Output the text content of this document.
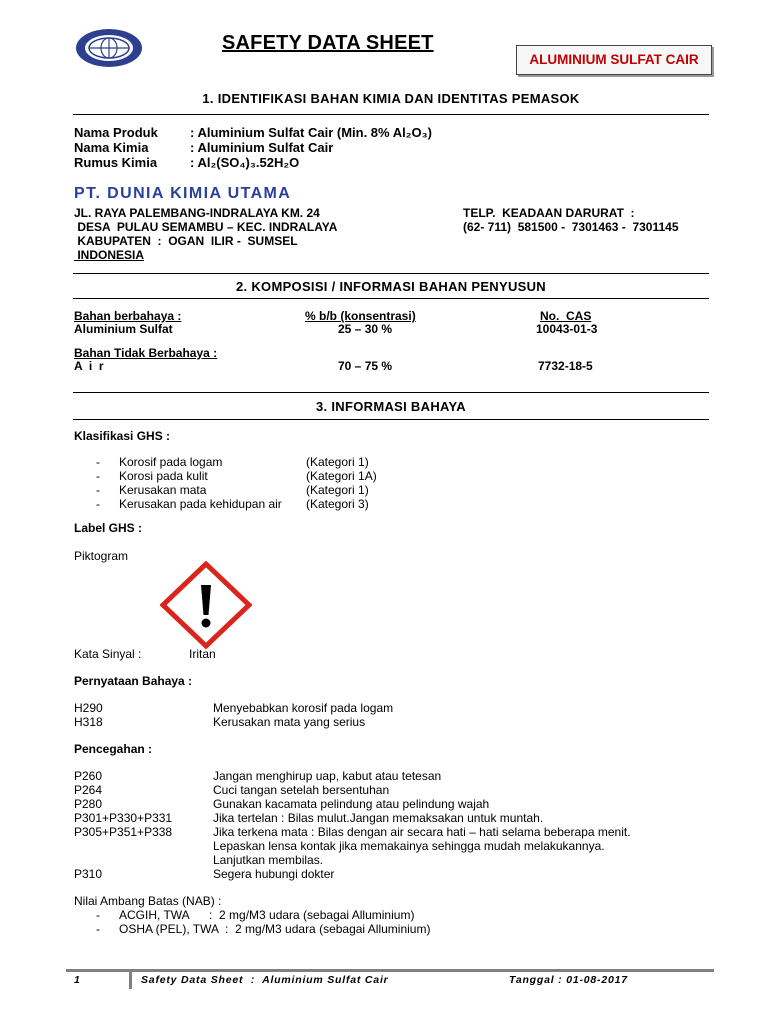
SAFETY DATA SHEET
ALUMINIUM SULFAT CAIR
1. IDENTIFIKASI BAHAN KIMIA DAN IDENTITAS PEMASOK
Nama Produk : Aluminium Sulfat Cair (Min. 8% Al₂O₃)
Nama Kimia	: Aluminium Sulfat Cair
Rumus Kimia	: Al₂(SO₄)₃.52H₂O
PT. DUNIA KIMIA UTAMA
JL. RAYA PALEMBANG-INDRALAYA KM. 24
DESA  PULAU SEMAMBU – KEC. INDRALAYA
KABUPATEN  :  OGAN  ILIR -  SUMSEL
INDONESIA
TELP.  KEADAAN DARURAT  :
(62- 711)  581500 -  7301463 -  7301145
2. KOMPOSISI / INFORMASI BAHAN PENYUSUN
Bahan berbahaya :	% b/b (konsentrasi)	No.  CAS
Aluminium Sulfat	25 – 30 %	10043-01-3
Bahan Tidak Berbahaya :
A  i  r	70 – 75 %	7732-18-5
3. INFORMASI BAHAYA
Klasifikasi GHS :
- Korosif pada logam	(Kategori 1)
- Korosi pada kulit	(Kategori 1A)
- Kerusakan mata	(Kategori 1)
- Kerusakan pada kehidupan air (Kategori 3)
Label GHS :
Piktogram
Kata Sinyal :	Iritan
Pernyataan Bahaya :
H290	Menyebabkan korosif pada logam
H318	Kerusakan mata yang serius
Pencegahan :
P260	Jangan menghirup uap, kabut atau tetesan
P264	Cuci tangan setelah bersentuhan
P280	Gunakan kacamata pelindung atau pelindung wajah
P301+P330+P331	Jika tertelan : Bilas mulut.Jangan memaksakan untuk muntah.
P305+P351+P338	Jika terkena mata : Bilas dengan air secara hati – hati selama beberapa menit.
Lepaskan lensa kontak jika memakainya sehingga mudah melakukannya.
Lanjutkan membilas.
P310	Segera hubungi dokter
Nilai Ambang Batas (NAB) :
- ACGIH, TWA      :  2 mg/M3 udara (sebagai Alluminium)
- OSHA (PEL), TWA  :  2 mg/M3 udara (sebagai Alluminium)
1	Safety Data Sheet  :  Aluminium Sulfat Cair	Tanggal : 01-08-2017
